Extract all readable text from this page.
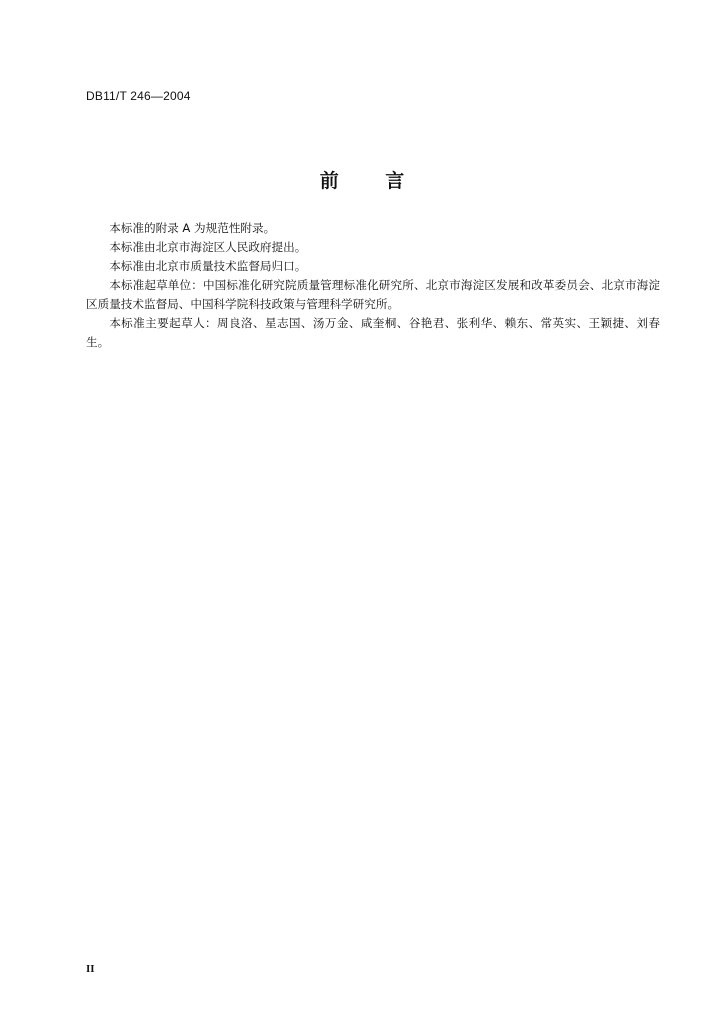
DB11/T 246—2004
前 言

本标准的附录 A 为规范性附录。

本标准由北京市海淀区人民政府提出。

本标准由北京市质量技术监督局归口。

本标准起草单位：中国标准化研究院质量管理标准化研究所、北京市海淀区发展和改革委员会、北京市海淀区质量技术监督局、中国科学院科技政策与管理科学研究所。

本标准主要起草人：周良洛、星志国、汤万金、咸奎桐、谷艳君、张利华、赖东、常英实、王颖捷、刘春生。

II
